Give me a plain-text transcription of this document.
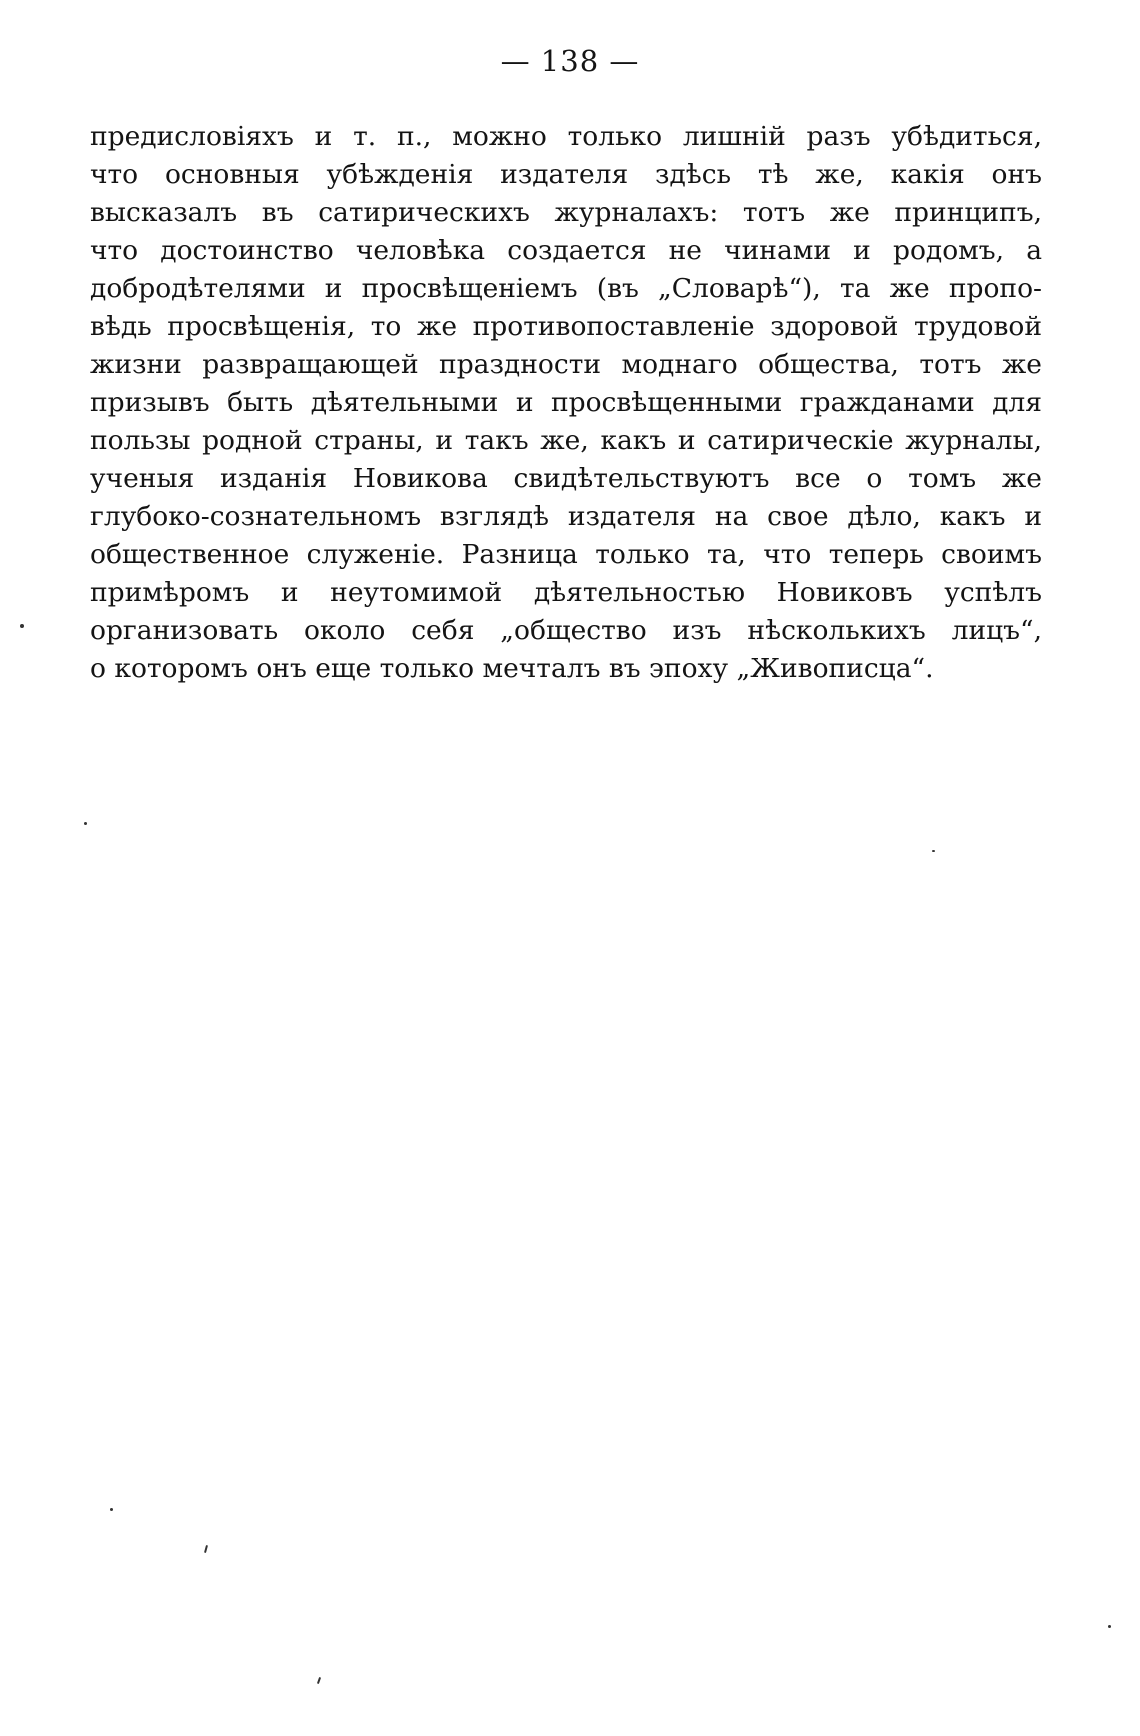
— 138 —
предисловіяхъ и т. п., можно только лишній разъ убѣдиться,
что основныя убѣжденія издателя здѣсь тѣ же, какія онъ
высказалъ въ сатирическихъ журналахъ: тотъ же принципъ,
что достоинство человѣка создается не чинами и родомъ, а
добродѣтелями и просвѣщеніемъ (въ „Словарѣ“), та же пропо-
вѣдь просвѣщенія, то же противопоставленіе здоровой трудовой
жизни развращающей праздности моднаго общества, тотъ же
призывъ быть дѣятельными и просвѣщенными гражданами для
пользы родной страны, и такъ же, какъ и сатирическіе журналы,
ученыя изданія Новикова свидѣтельствуютъ все о томъ же
глубоко-сознательномъ взглядѣ издателя на свое дѣло, какъ и
общественное служеніе. Разница только та, что теперь своимъ
примѣромъ и неутомимой дѣятельностью Новиковъ успѣлъ
организовать около себя „общество изъ нѣсколькихъ лицъ“,
о которомъ онъ еще только мечталъ въ эпоху „Живописца“.
